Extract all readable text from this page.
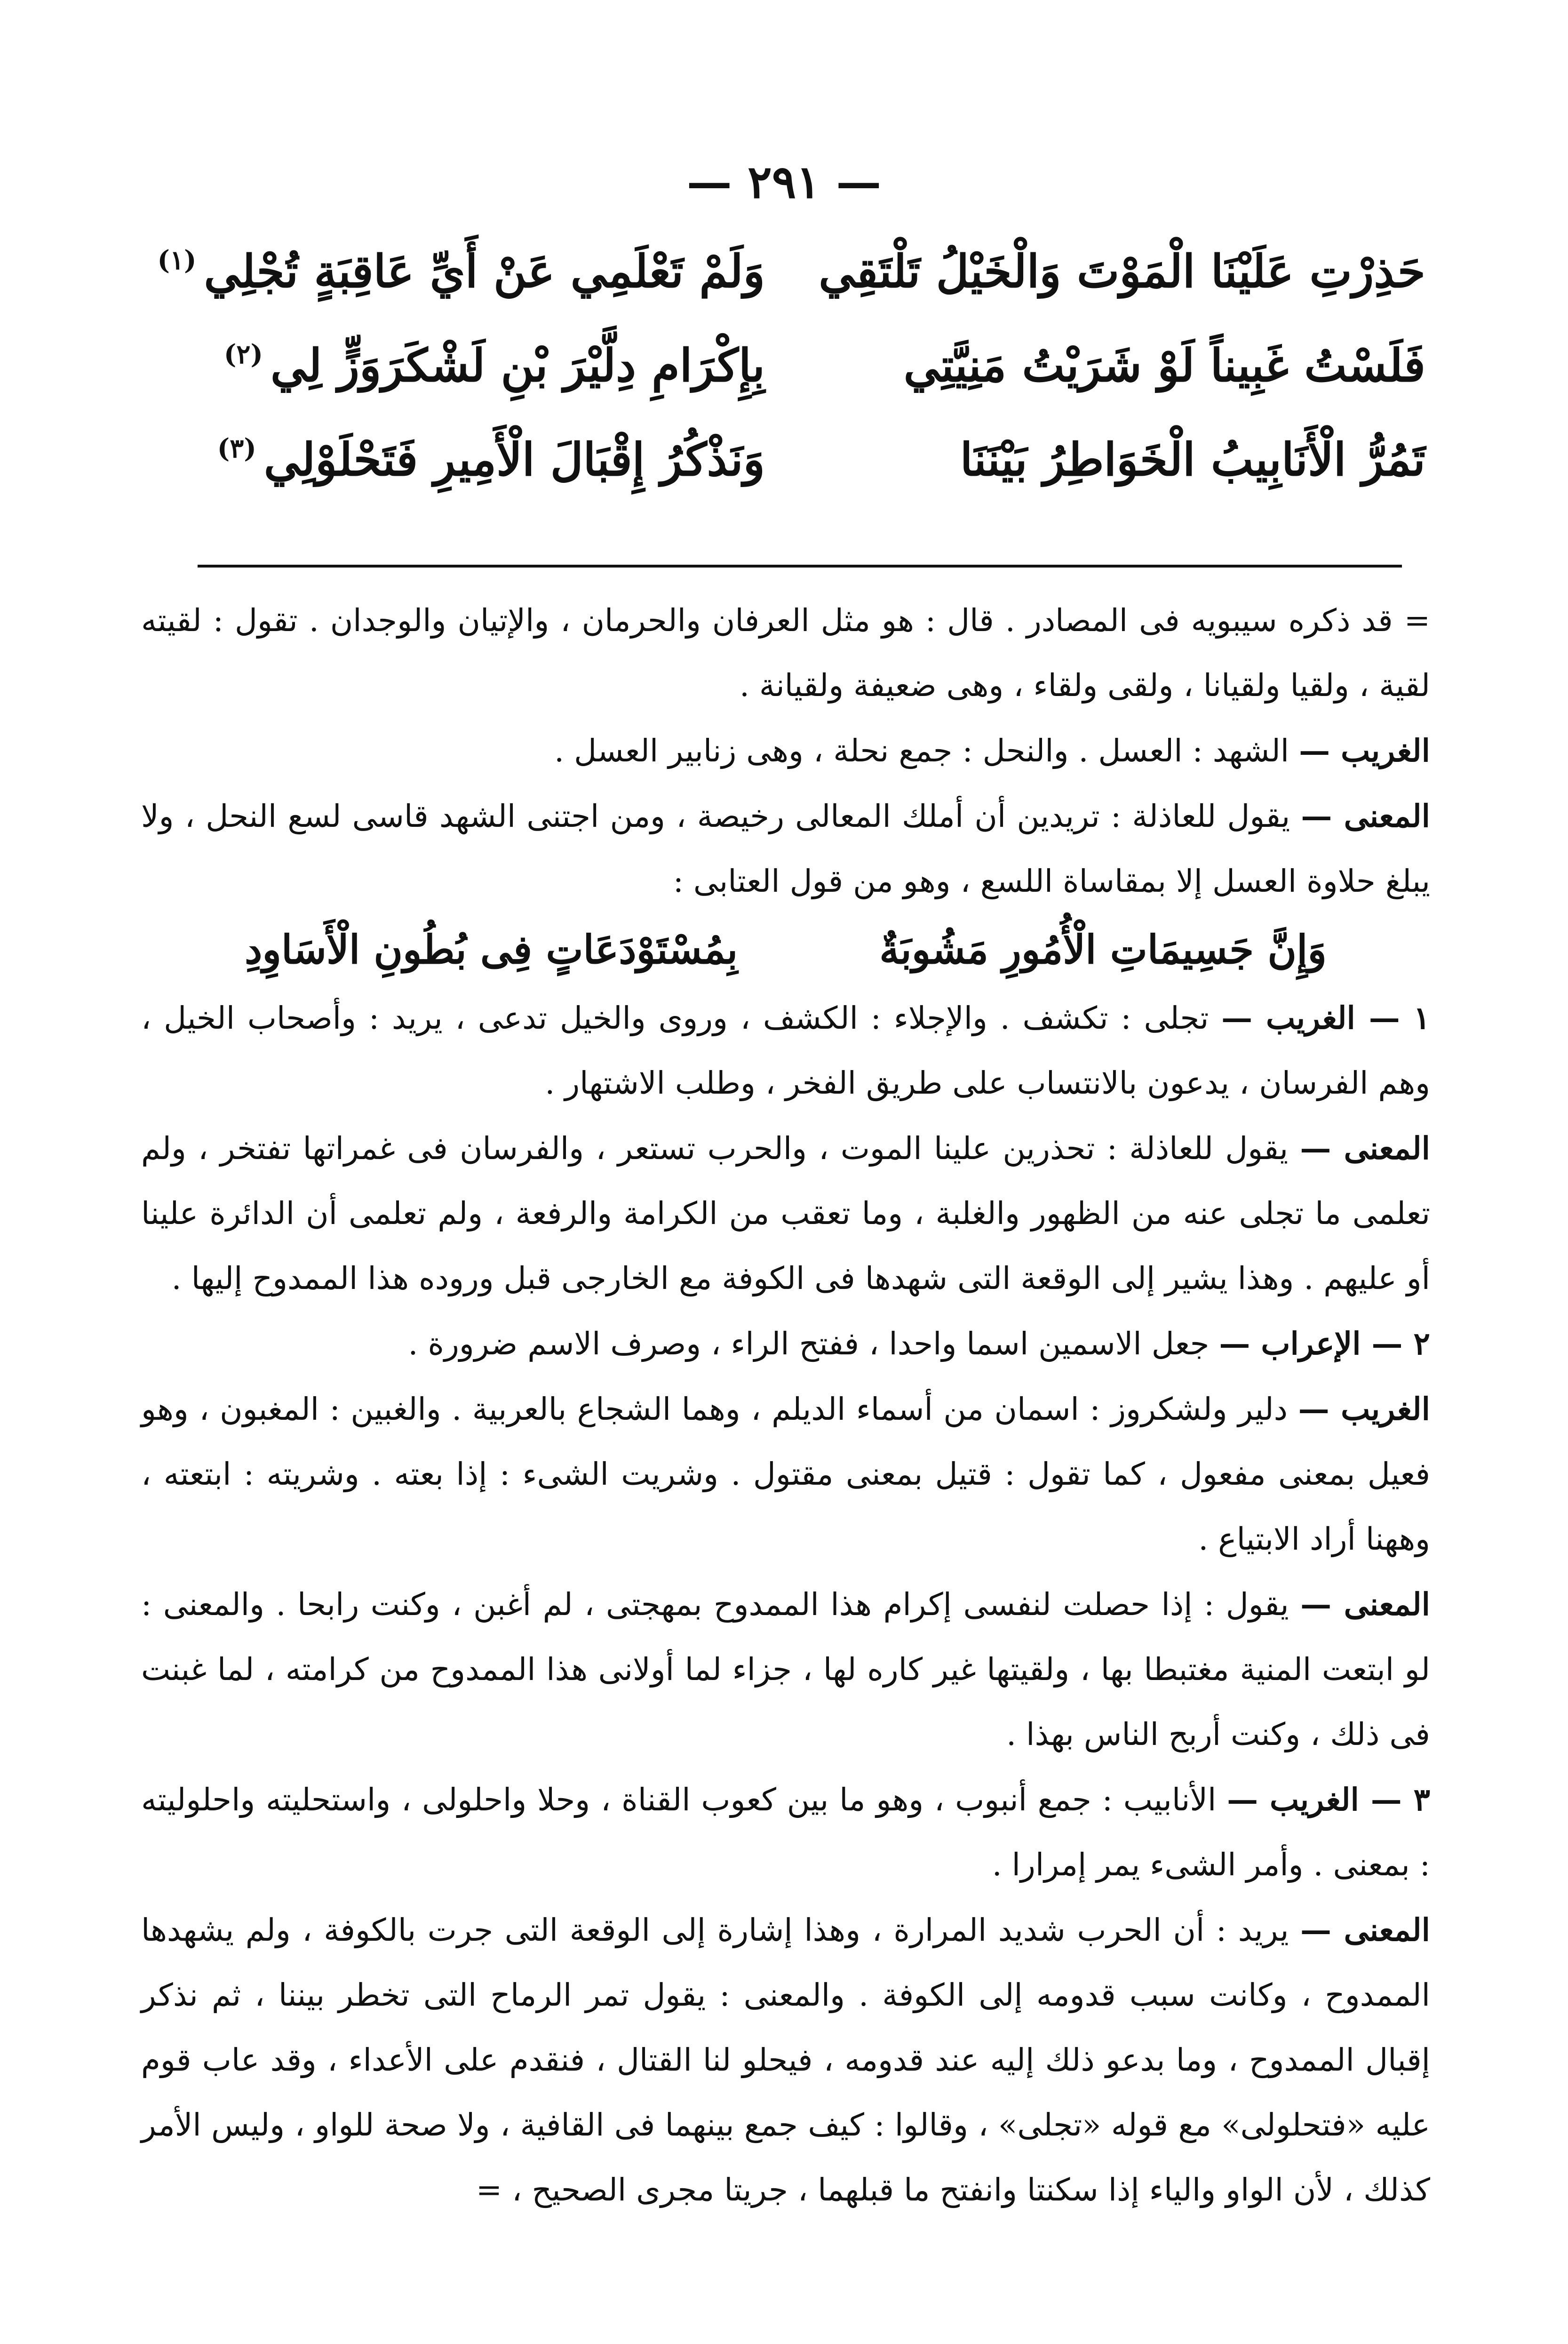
— ٢٩١ —
حَذِرْتِ عَلَيْنَا الْمَوْتَ وَالْخَيْلُ تَلْتَقِي
وَلَمْ تَعْلَمِي عَنْ أَيِّ عَاقِبَةٍ تُجْلِي
(١)
فَلَسْتُ غَبِيناً لَوْ شَرَيْتُ مَنِيَّتِي
بِإِكْرَامِ دِلَّيْرَ بْنِ لَشْكَرَوَزٍّ لِي
(٢)
تَمُرُّ الْأَنَابِيبُ الْخَوَاطِرُ بَيْنَنَا
وَنَذْكُرُ إِقْبَالَ الْأَمِيرِ فَتَحْلَوْلِي
(٣)

= قد ذكره سيبويه فى المصادر . قال : هو مثل العرفان والحرمان ، والإتيان والوجدان . تقول : لقيته لقية ، ولقيا ولقيانا ، ولقى ولقاء ، وهى ضعيفة ولقيانة .

الغريب — الشهد : العسل . والنحل : جمع نحلة ، وهى زنابير العسل .

المعنى — يقول للعاذلة : تريدين أن أملك المعالى رخيصة ، ومن اجتنى الشهد قاسى لسع النحل ، ولا يبلغ حلاوة العسل إلا بمقاساة اللسع ، وهو من قول العتابى :

وَإِنَّ جَسِيمَاتِ الْأُمُورِ مَشُوبَةٌ
بِمُسْتَوْدَعَاتٍ فِى بُطُونِ الْأَسَاوِدِ

١ — الغريب — تجلى : تكشف . والإجلاء : الكشف ، وروى والخيل تدعى ، يريد : وأصحاب الخيل ، وهم الفرسان ، يدعون بالانتساب على طريق الفخر ، وطلب الاشتهار .

المعنى — يقول للعاذلة : تحذرين علينا الموت ، والحرب تستعر ، والفرسان فى غمراتها تفتخر ، ولم تعلمى ما تجلى عنه من الظهور والغلبة ، وما تعقب من الكرامة والرفعة ، ولم تعلمى أن الدائرة علينا أو عليهم . وهذا يشير إلى الوقعة التى شهدها فى الكوفة مع الخارجى قبل وروده هذا الممدوح إليها .

٢ — الإعراب — جعل الاسمين اسما واحدا ، ففتح الراء ، وصرف الاسم ضرورة .

الغريب — دلير ولشكروز : اسمان من أسماء الديلم ، وهما الشجاع بالعربية . والغبين : المغبون ، وهو فعيل بمعنى مفعول ، كما تقول : قتيل بمعنى مقتول . وشريت الشىء : إذا بعته . وشريته : ابتعته ، وههنا أراد الابتياع .

المعنى — يقول : إذا حصلت لنفسى إكرام هذا الممدوح بمهجتى ، لم أغبن ، وكنت رابحا . والمعنى : لو ابتعت المنية مغتبطا بها ، ولقيتها غير كاره لها ، جزاء لما أولانى هذا الممدوح من كرامته ، لما غبنت فى ذلك ، وكنت أربح الناس بهذا .

٣ — الغريب — الأنابيب : جمع أنبوب ، وهو ما بين كعوب القناة ، وحلا واحلولى ، واستحليته واحلوليته : بمعنى . وأمر الشىء يمر إمرارا .

المعنى — يريد : أن الحرب شديد المرارة ، وهذا إشارة إلى الوقعة التى جرت بالكوفة ، ولم يشهدها الممدوح ، وكانت سبب قدومه إلى الكوفة . والمعنى : يقول تمر الرماح التى تخطر بيننا ، ثم نذكر إقبال الممدوح ، وما بدعو ذلك إليه عند قدومه ، فيحلو لنا القتال ، فنقدم على الأعداء ، وقد عاب قوم عليه «فتحلولى» مع قوله «تجلى» ، وقالوا : كيف جمع بينهما فى القافية ، ولا صحة للواو ، وليس الأمر كذلك ، لأن الواو والياء إذا سكنتا وانفتح ما قبلهما ، جريتا مجرى الصحيح ، =
